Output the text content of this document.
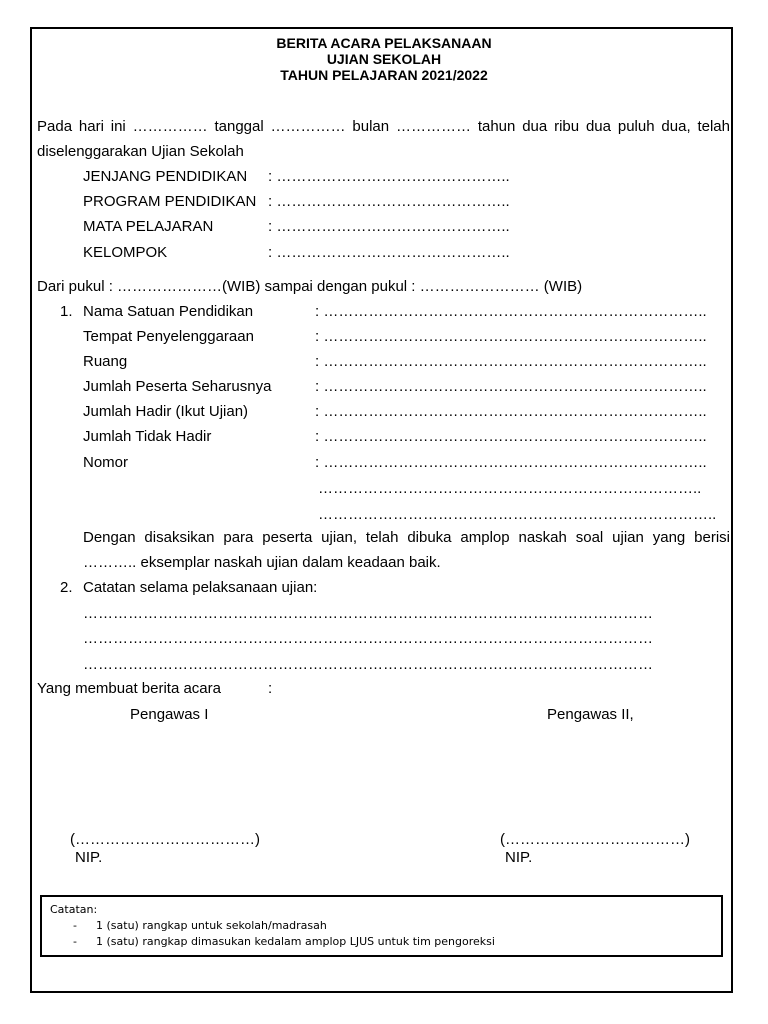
BERITA ACARA PELAKSANAAN
UJIAN SEKOLAH
TAHUN PELAJARAN 2021/2022
Pada hari ini …………… tanggal …………… bulan …………… tahun dua ribu dua puluh dua, telah diselenggarakan Ujian Sekolah
JENJANG PENDIDIKAN : ………………………………………..
PROGRAM PENDIDIKAN : ………………………………………..
MATA PELAJARAN	: ………………………………………..
KELOMPOK	: ………………………………………..
Dari pukul : …………………(WIB) sampai dengan pukul : …………………… (WIB)
1. Nama Satuan Pendidikan	: …………………………………………………………………..
Tempat Penyelenggaraan	: …………………………………………………………………..
Ruang	: …………………………………………………………………..
Jumlah Peserta Seharusnya	: …………………………………………………………………..
Jumlah Hadir (Ikut Ujian)	: …………………………………………………………………..
Jumlah Tidak Hadir	: …………………………………………………………………..
Nomor	: …………………………………………………………………..
…………………………………………………………………..
……………………………………………………………………..
Dengan disaksikan para peserta ujian, telah dibuka amplop naskah soal ujian yang berisi ……….. eksemplar naskah ujian dalam keadaan baik.
2. Catatan selama pelaksanaan ujian:
……………………………………………………………………………………………………
……………………………………………………………………………………………………
……………………………………………………………………………………………………
Yang membuat berita acara	:
Pengawas I	Pengawas II,
(………………………………)	(………………………………)
NIP.	NIP.
Catatan:
- 1 (satu) rangkap untuk sekolah/madrasah
- 1 (satu) rangkap dimasukan kedalam amplop LJUS untuk tim pengoreksi
